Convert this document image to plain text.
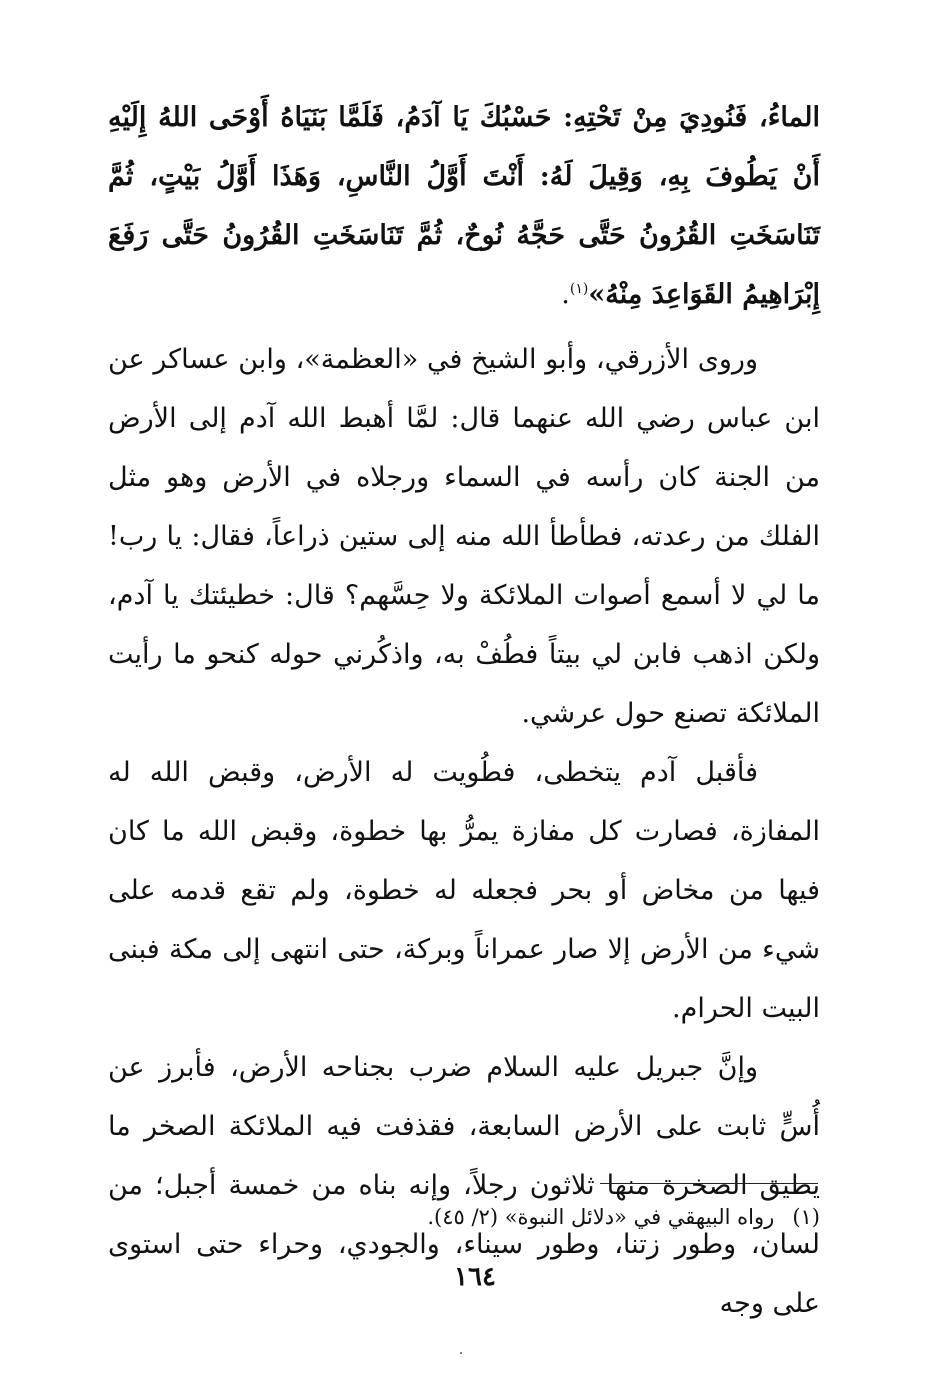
الماءُ، فَنُودِيَ مِنْ تَحْتِهِ: حَسْبُكَ يَا آدَمُ، فَلَمَّا بَنَيَاهُ أَوْحَى اللهُ إِلَيْهِ أَنْ يَطُوفَ بِهِ، وَقِيلَ لَهُ: أَنْتَ أَوَّلُ النَّاسِ، وَهَذَا أَوَّلُ بَيْتٍ، ثُمَّ تَنَاسَخَتِ القُرُونُ حَتَّى حَجَّهُ نُوحٌ، ثُمَّ تَنَاسَخَتِ القُرُونُ حَتَّى رَفَعَ إِبْرَاهِيمُ القَوَاعِدَ مِنْهُ»$^{(١)}$.

وروى الأزرقي، وأبو الشيخ في «العظمة»، وابن عساكر عن ابن عباس رضي الله عنهما قال: لمَّا أهبط الله آدم إلى الأرض من الجنة كان رأسه في السماء ورجلاه في الأرض وهو مثل الفلك من رعدته، فطأطأ الله منه إلى ستين ذراعاً، فقال: يا رب! ما لي لا أسمع أصوات الملائكة ولا حِسَّهم؟ قال: خطيئتك يا آدم، ولكن اذهب فابن لي بيتاً فطُفْ به، واذكُرني حوله كنحو ما رأيت الملائكة تصنع حول عرشي.

فأقبل آدم يتخطى، فطُويت له الأرض، وقبض الله له المفازة، فصارت كل مفازة يمرُّ بها خطوة، وقبض الله ما كان فيها من مخاض أو بحر فجعله له خطوة، ولم تقع قدمه على شيء من الأرض إلا صار عمراناً وبركة، حتى انتهى إلى مكة فبنى البيت الحرام.

وإنَّ جبريل عليه السلام ضرب بجناحه الأرض، فأبرز عن أُسٍّ ثابت على الأرض السابعة، فقذفت فيه الملائكة الصخر ما يطيق الصخرة منها ثلاثون رجلاً، وإنه بناه من خمسة أجبل؛ من لسان، وطور زتنا، وطور سيناء، والجودي، وحراء حتى استوى على وجه

(١)رواه البيهقي في «دلائل النبوة» (٢/ ٤٥).
١٦٤
